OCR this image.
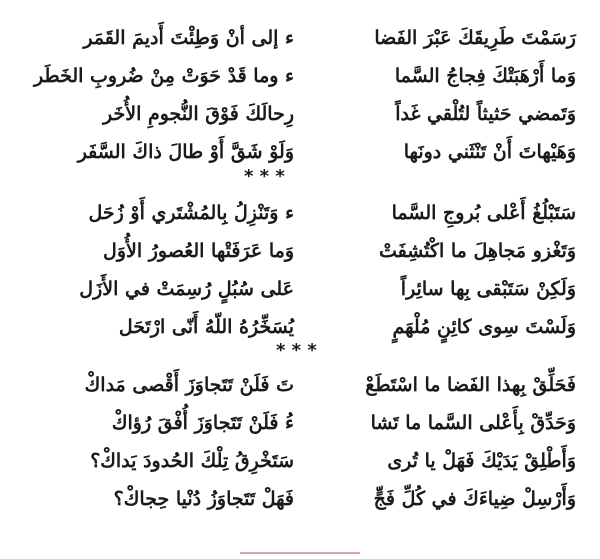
رَسَمْتَ طَرِيقَكَ عَبْرَ الفَضا
ء إلى أنْ وَطِئْتَ أَديمَ القَمَر
وَما أَرْهَبَتْكَ فِجاجُ السَّما
ء وما قَدْ حَوَتْ مِنْ ضُروبِ الخَطَر
وَتَمضي حَثيثاً لتُلْقي غَداً
رِحالَكَ فَوْقَ النُّجومِ الأُخَر
وَهَيْهاتَ أَنْ تَنْثَني دونَها
وَلَوْ شَقَّ أَوْ طالَ ذاكَ السَّفَر
* * *
سَتَبْلُغُ أَعْلى بُروجِ السَّما
ء وَتَنْزِلُ بِالمُشْتَري أَوْ زُحَل
وَتَغْزو مَجاهِلَ ما اكْتُشِفَتْ
وَما عَرَفَتْها العُصورُ الأُوَل
وَلَكِنْ سَتَبْقى بِها سائِراً
عَلى سُبُلٍ رُسِمَتْ في الأَزَل
وَلَسْتَ سِوى كائِنٍ مُلْهَمٍ
يُسَخِّرُهُ اللّهُ أَنّى ارْتَحَل
* * *
فَحَلِّقْ بِهذا الفَضا ما اسْتَطَعْ
تَ فَلَنْ تَتَجاوَزَ أَقْصى مَداكْ
وَحَدِّقْ بِأَعْلى السَّما ما تَشا
ءُ فَلَنْ تَتَجاوَزَ أُفْقَ رُؤاكْ
وَأَطْلِقْ يَدَيْكَ فَهَلْ يا تُرى
سَتَخْرِقُ تِلْكَ الحُدودَ يَداكْ؟
وَأَرْسِلْ ضِياءَكَ في كُلِّ فَجٍّ
فَهَلْ تَتَجاوَزُ دُنْيا حِجاكْ؟
